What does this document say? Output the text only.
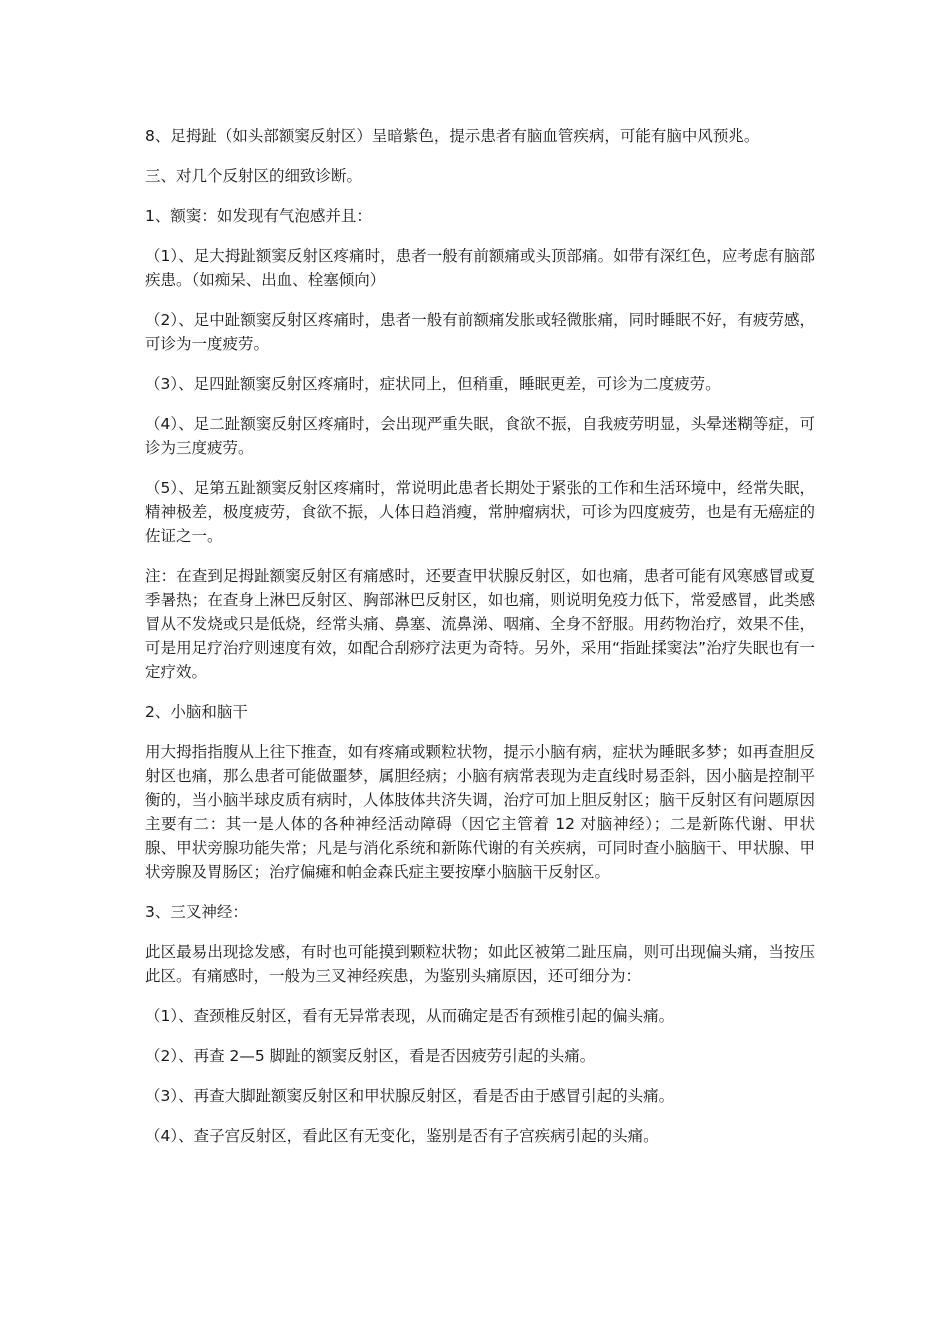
8、足拇趾（如头部额窦反射区）呈暗紫色，提示患者有脑血管疾病，可能有脑中风预兆。

三、对几个反射区的细致诊断。

1、额窦：如发现有气泡感并且：

（1）、足大拇趾额窦反射区疼痛时，患者一般有前额痛或头顶部痛。如带有深红色，应考虑有脑部疾患。（如痴呆、出血、栓塞倾向）

（2）、足中趾额窦反射区疼痛时，患者一般有前额痛发胀或轻微胀痛，同时睡眠不好，有疲劳感，可诊为一度疲劳。

（3）、足四趾额窦反射区疼痛时，症状同上，但稍重，睡眠更差，可诊为二度疲劳。

（4）、足二趾额窦反射区疼痛时，会出现严重失眠，食欲不振，自我疲劳明显，头晕迷糊等症，可诊为三度疲劳。

（5）、足第五趾额窦反射区疼痛时，常说明此患者长期处于紧张的工作和生活环境中，经常失眠，精神极差，极度疲劳，食欲不振，人体日趋消瘦，常肿瘤病状，可诊为四度疲劳，也是有无癌症的佐证之一。

注：在查到足拇趾额窦反射区有痛感时，还要查甲状腺反射区，如也痛，患者可能有风寒感冒或夏季暑热；在查身上淋巴反射区、胸部淋巴反射区，如也痛，则说明免疫力低下，常爱感冒，此类感冒从不发烧或只是低烧，经常头痛、鼻塞、流鼻涕、咽痛、全身不舒服。用药物治疗，效果不佳，可是用足疗治疗则速度有效，如配合刮痧疗法更为奇特。另外，采用“指趾揉窦法”治疗失眠也有一定疗效。

2、小脑和脑干

用大拇指指腹从上往下推查，如有疼痛或颗粒状物，提示小脑有病，症状为睡眠多梦；如再查胆反射区也痛，那么患者可能做噩梦，属胆经病；小脑有病常表现为走直线时易歪斜，因小脑是控制平衡的，当小脑半球皮质有病时，人体肢体共济失调，治疗可加上胆反射区；脑干反射区有问题原因主要有二：其一是人体的各种神经活动障碍（因它主管着 12 对脑神经）；二是新陈代谢、甲状腺、甲状旁腺功能失常；凡是与消化系统和新陈代谢的有关疾病，可同时查小脑脑干、甲状腺、甲状旁腺及胃肠区；治疗偏瘫和帕金森氏症主要按摩小脑脑干反射区。

3、三叉神经：

此区最易出现捻发感，有时也可能摸到颗粒状物；如此区被第二趾压扁，则可出现偏头痛，当按压此区。有痛感时，一般为三叉神经疾患，为鉴别头痛原因，还可细分为：

（1）、查颈椎反射区，看有无异常表现，从而确定是否有颈椎引起的偏头痛。

（2）、再查 2—5 脚趾的额窦反射区，看是否因疲劳引起的头痛。

（3）、再查大脚趾额窦反射区和甲状腺反射区，看是否由于感冒引起的头痛。

（4）、查子宫反射区，看此区有无变化，鉴别是否有子宫疾病引起的头痛。
